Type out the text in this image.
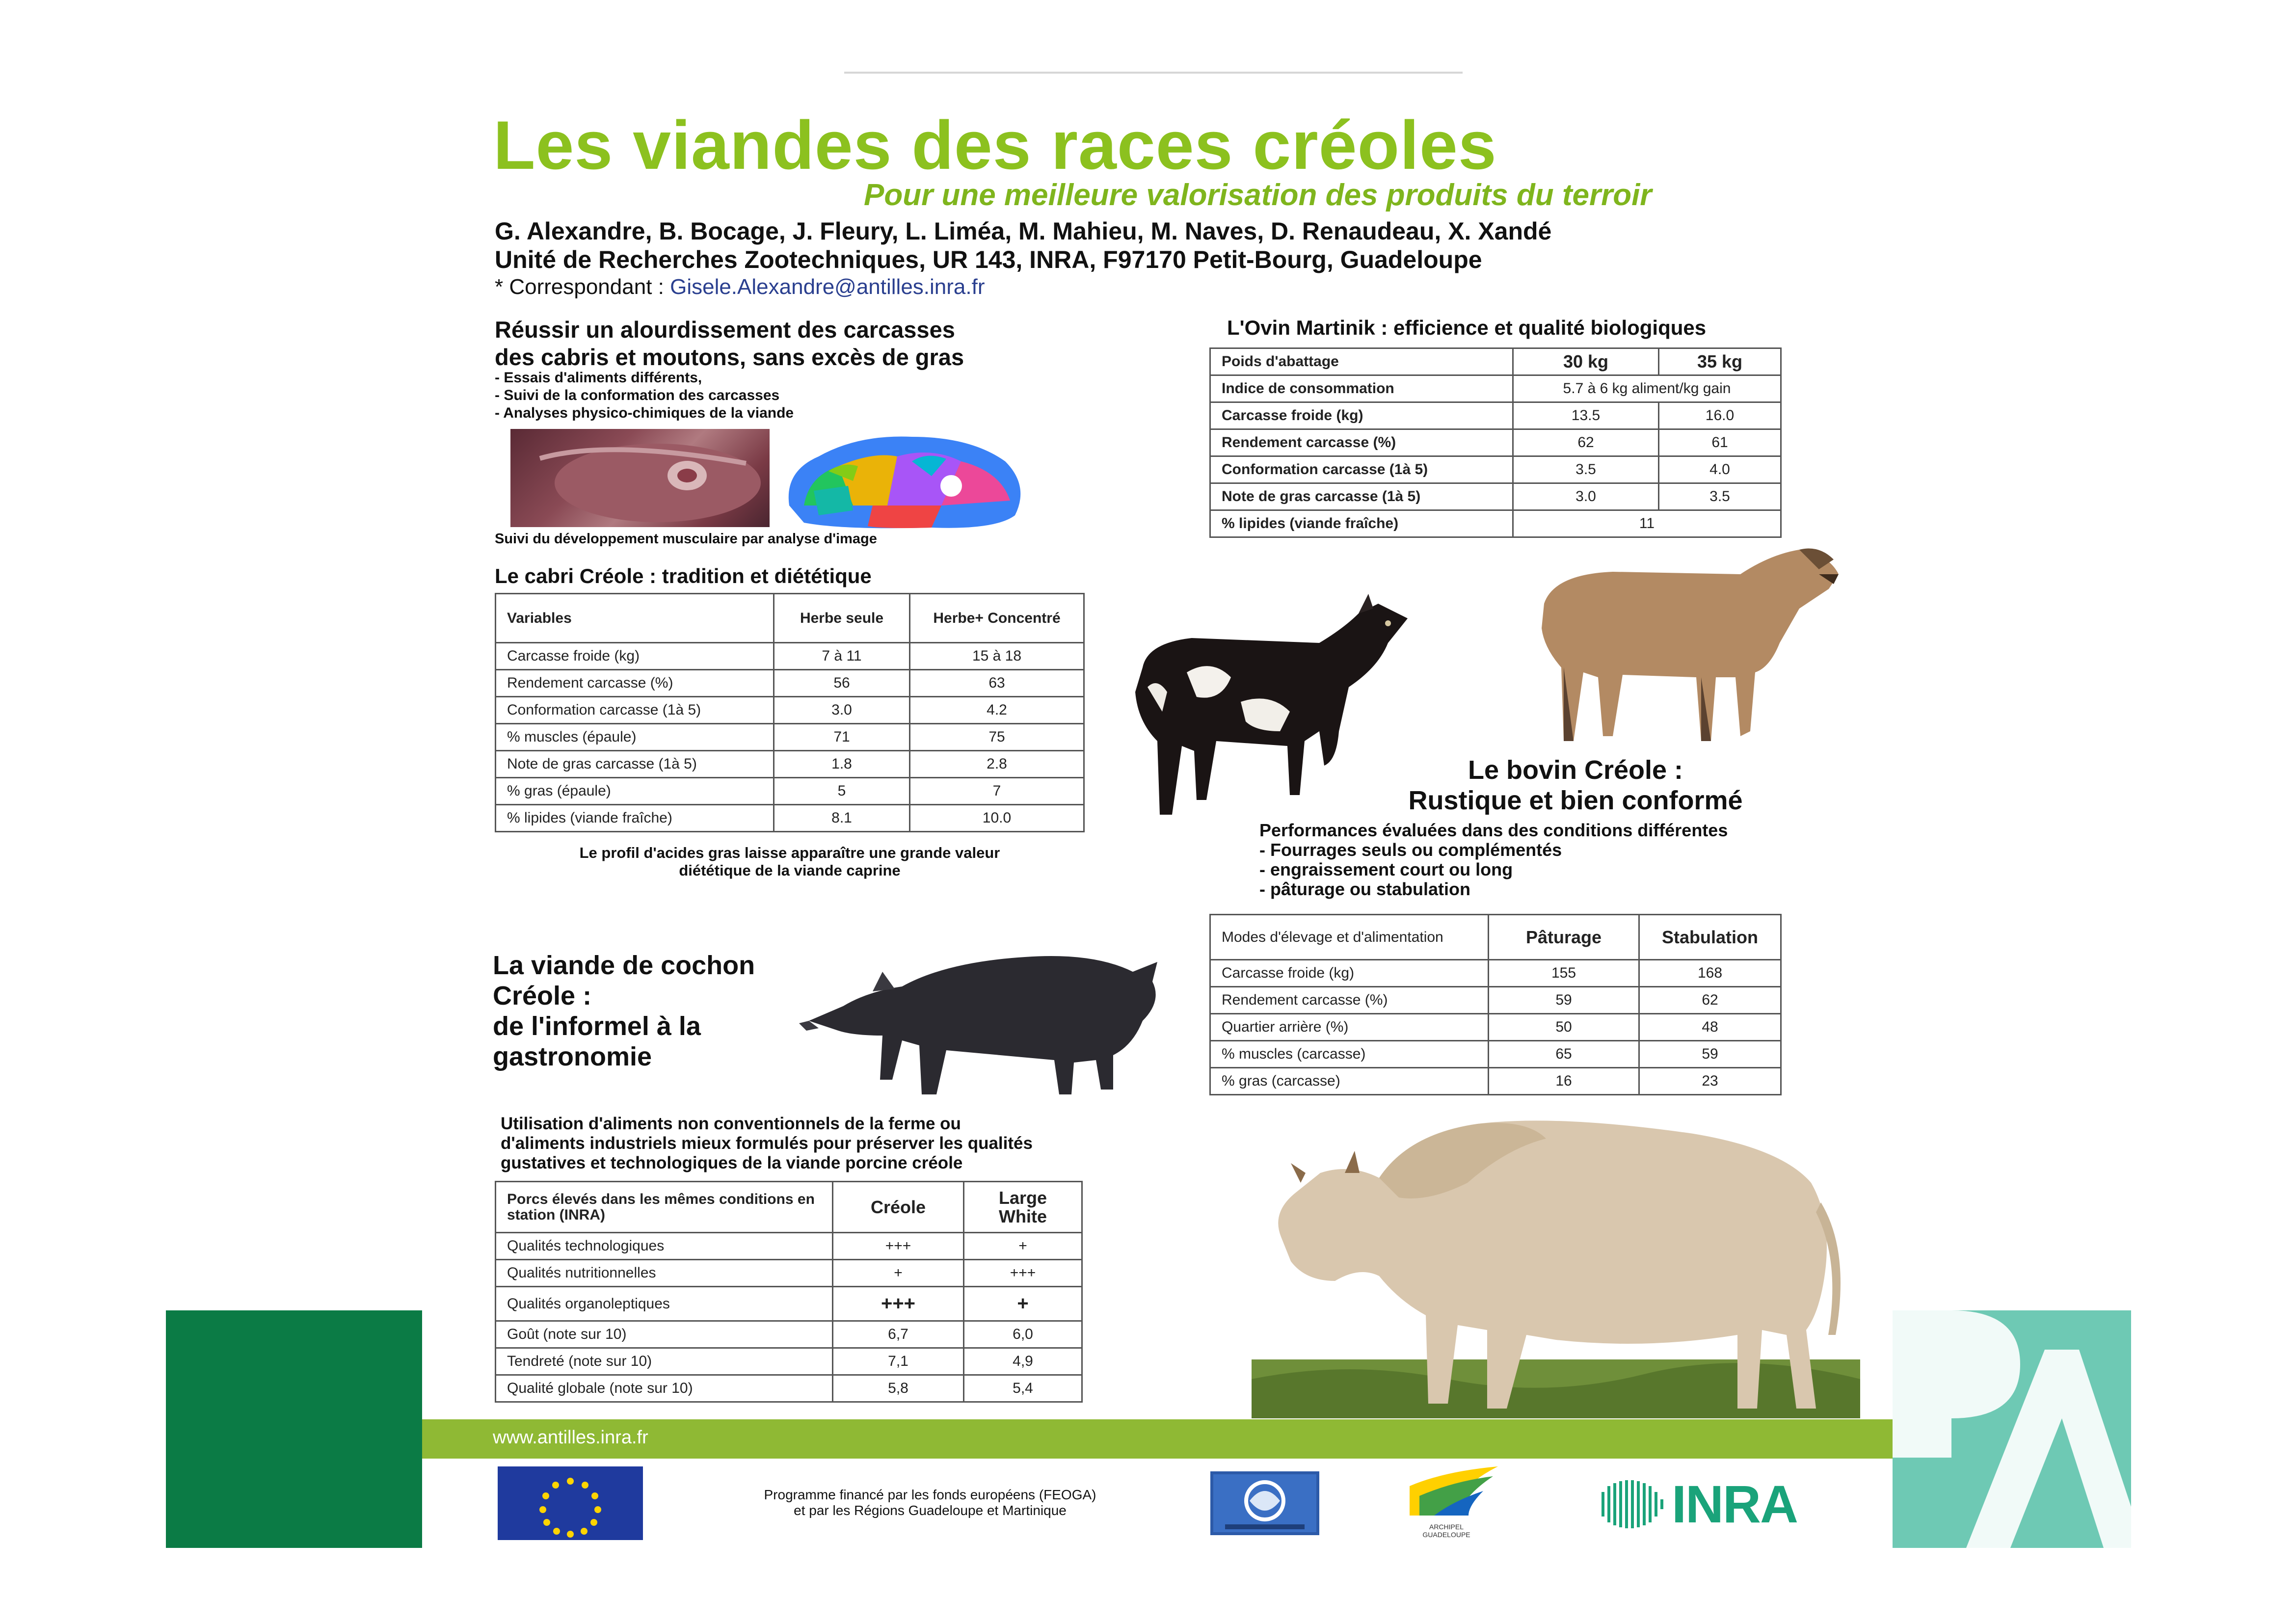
Les viandes des races créoles
Pour une meilleure valorisation des produits du terroir
G. Alexandre, B. Bocage, J. Fleury, L. Liméa, M. Mahieu, M. Naves, D. Renaudeau, X. Xandé
Unité de Recherches Zootechniques, UR 143, INRA, F97170 Petit-Bourg, Guadeloupe
* Correspondant : Gisele.Alexandre@antilles.inra.fr
Réussir un alourdissement des carcasses
des cabris et moutons, sans excès de gras
- Essais d'aliments différents,
- Suivi de la conformation des carcasses
- Analyses physico-chimiques de la viande
Suivi du développement musculaire par analyse d'image
Le cabri Créole : tradition et diététique
Variables	Herbe seule	Herbe+ Concentré
Carcasse froide (kg)	7 à 11	15 à 18
Rendement carcasse (%)	56	63
Conformation carcasse (1à 5)	3.0	4.2
% muscles (épaule)	71	75
Note de gras carcasse (1à 5)	1.8	2.8
% gras (épaule)	5	7
% lipides (viande fraîche)	8.1	10.0
Le profil d'acides gras laisse apparaître une grande valeur
diététique de la viande caprine
L'Ovin Martinik : efficience et qualité biologiques
Poids d'abattage	30 kg	35 kg
Indice de consommation	5.7 à 6 kg aliment/kg gain	
Carcasse froide (kg)	13.5	16.0
Rendement carcasse (%)	62	61
Conformation carcasse (1à 5)	3.5	4.0
Note de gras carcasse (1à 5)	3.0	3.5
% lipides (viande fraîche)	11	
Le bovin Créole :
Rustique et bien conformé
Performances évaluées dans des conditions différentes
- Fourrages seuls ou complémentés
- engraissement court ou long
- pâturage ou stabulation
Modes d'élevage et d'alimentation	Pâturage	Stabulation
Carcasse froide (kg)	155	168
Rendement carcasse (%)	59	62
Quartier arrière (%)	50	48
% muscles (carcasse)	65	59
% gras (carcasse)	16	23
La viande de cochon
Créole :
de l'informel à la
gastronomie
Utilisation d'aliments non conventionnels de la ferme ou
d'aliments industriels mieux formulés pour préserver les qualités
gustatives et technologiques de la viande porcine créole
Porcs élevés dans les mêmes conditions en station (INRA)	Créole	Large White
Qualités technologiques	+++	+
Qualités nutritionnelles	+	+++
Qualités organoleptiques	+++	+
Goût (note sur 10)	6,7	6,0
Tendreté (note sur 10)	7,1	4,9
Qualité globale (note sur 10)	5,8	5,4
www.antilles.inra.fr
Programme financé par les fonds européens (FEOGA)
et par les Régions Guadeloupe et Martinique
ARCHIPEL GUADELOUPE
INRA
